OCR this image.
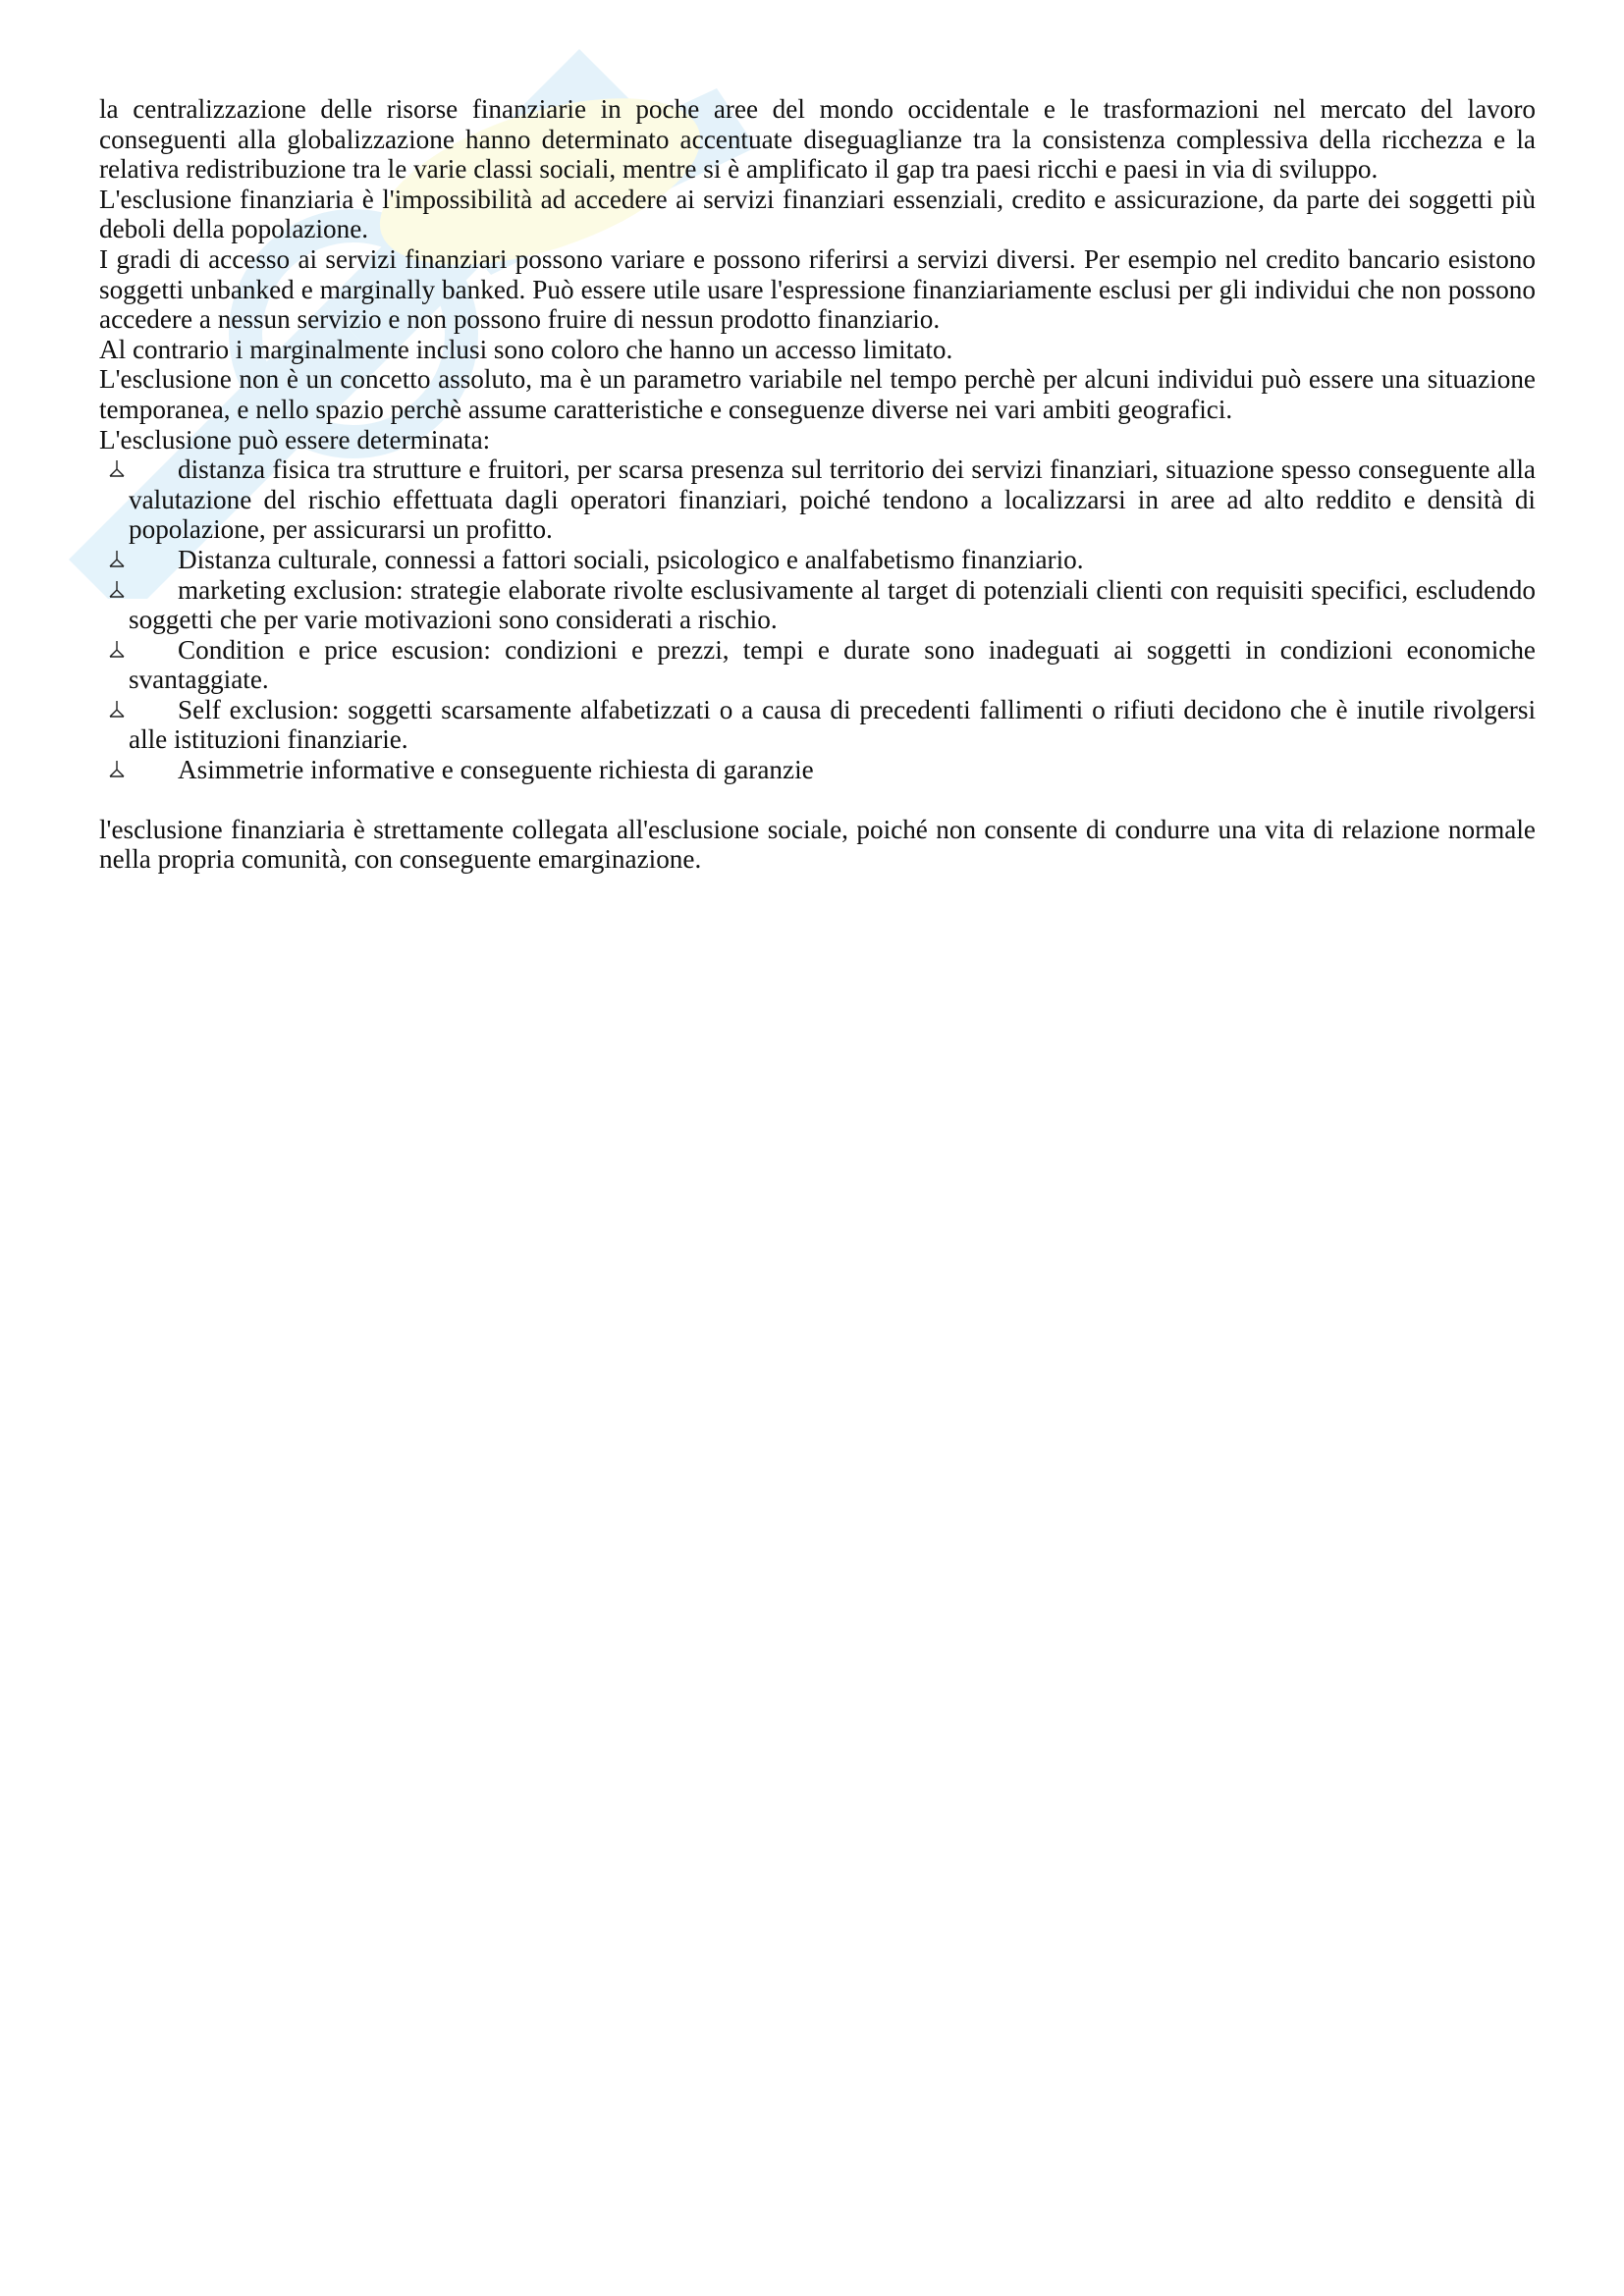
la centralizzazione delle risorse finanziarie in poche aree del mondo occidentale e le trasformazioni nel mercato del lavoro conseguenti alla globalizzazione hanno determinato accentuate diseguaglianze tra la consistenza complessiva della ricchezza e la relativa redistribuzione tra le varie classi sociali, mentre si è amplificato il gap tra paesi ricchi e paesi in via di sviluppo.

L'esclusione finanziaria è l'impossibilità ad accedere ai servizi finanziari essenziali, credito e assicurazione, da parte dei soggetti più deboli della popolazione.

I gradi di accesso ai servizi finanziari possono variare e possono riferirsi a servizi diversi. Per esempio nel credito bancario esistono soggetti unbanked e marginally banked. Può essere utile usare l'espressione finanziariamente esclusi per gli individui che non possono accedere a nessun servizio e non possono fruire di nessun prodotto finanziario.

Al contrario i marginalmente inclusi sono coloro che hanno un accesso limitato.

L'esclusione non è un concetto assoluto, ma è un parametro variabile nel tempo perchè per alcuni individui può essere una situazione temporanea, e nello spazio perchè assume caratteristiche e conseguenze diverse nei vari ambiti geografici.

L'esclusione può essere determinata:

distanza fisica tra strutture e fruitori, per scarsa presenza sul territorio dei servizi finanziari, situazione spesso conseguente alla valutazione del rischio effettuata dagli operatori finanziari, poiché tendono a localizzarsi in aree ad alto reddito e densità di popolazione, per assicurarsi un profitto.
Distanza culturale, connessi a fattori sociali, psicologico e analfabetismo finanziario.
marketing exclusion: strategie elaborate rivolte esclusivamente al target di potenziali clienti con requisiti specifici, escludendo soggetti che per varie motivazioni sono considerati a rischio.
Condition e price escusion: condizioni e prezzi, tempi e durate sono inadeguati ai soggetti in condizioni economiche svantaggiate.
Self exclusion: soggetti scarsamente alfabetizzati o a causa di precedenti fallimenti o rifiuti decidono che è inutile rivolgersi alle istituzioni finanziarie.
Asimmetrie informative e conseguente richiesta di garanzie

l'esclusione finanziaria è strettamente collegata all'esclusione sociale, poiché non consente di condurre una vita di relazione normale nella propria comunità, con conseguente emarginazione.
